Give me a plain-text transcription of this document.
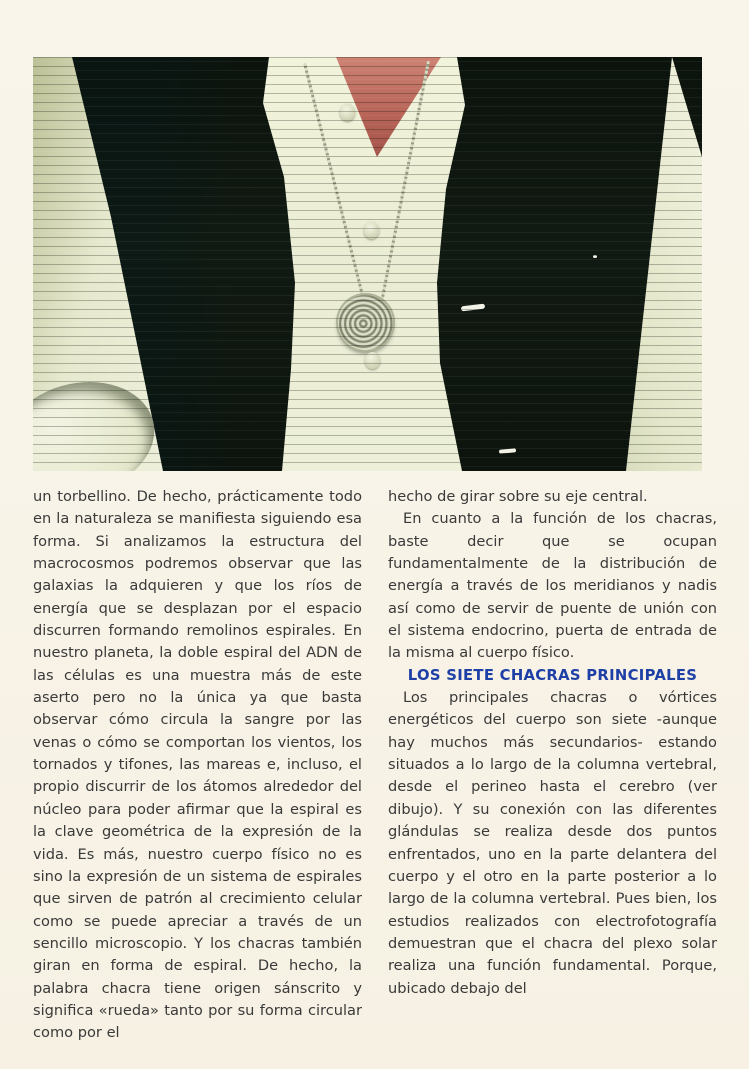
un torbellino. De hecho, prácticamente todo en la naturaleza se manifiesta siguiendo esa forma. Si analizamos la estructura del macrocosmos podremos observar que las galaxias la adquieren y que los ríos de energía que se desplazan por el espacio discurren formando remolinos espirales. En nuestro planeta, la doble espiral del ADN de las células es una muestra más de este aserto pero no la única ya que basta observar cómo circula la sangre por las venas o cómo se comportan los vientos, los tornados y tifones, las mareas e, incluso, el propio discurrir de los átomos alrededor del núcleo para poder afirmar que la espiral es la clave geométrica de la expresión de la vida. Es más, nuestro cuerpo físico no es sino la expresión de un sistema de espirales que sirven de patrón al crecimiento celular como se puede apreciar a través de un sencillo microscopio. Y los chacras también giran en forma de espiral. De hecho, la palabra chacra tiene origen sánscrito y significa «rueda» tanto por su forma circular como por el

hecho de girar sobre su eje central.

En cuanto a la función de los chacras, baste decir que se ocupan fundamentalmente de la distribución de energía a través de los meridianos y nadis así como de servir de puente de unión con el sistema endocrino, puerta de entrada de la misma al cuerpo físico.

LOS SIETE CHACRAS PRINCIPALES

Los principales chacras o vórtices energéticos del cuerpo son siete -aunque hay muchos más secundarios- estando situados a lo largo de la columna vertebral, desde el perineo hasta el cerebro (ver dibujo). Y su conexión con las diferentes glándulas se realiza desde dos puntos enfrentados, uno en la parte delantera del cuerpo y el otro en la parte posterior a lo largo de la columna vertebral. Pues bien, los estudios realizados con electrofotografía demuestran que el chacra del plexo solar realiza una función fundamental. Porque, ubicado debajo del
